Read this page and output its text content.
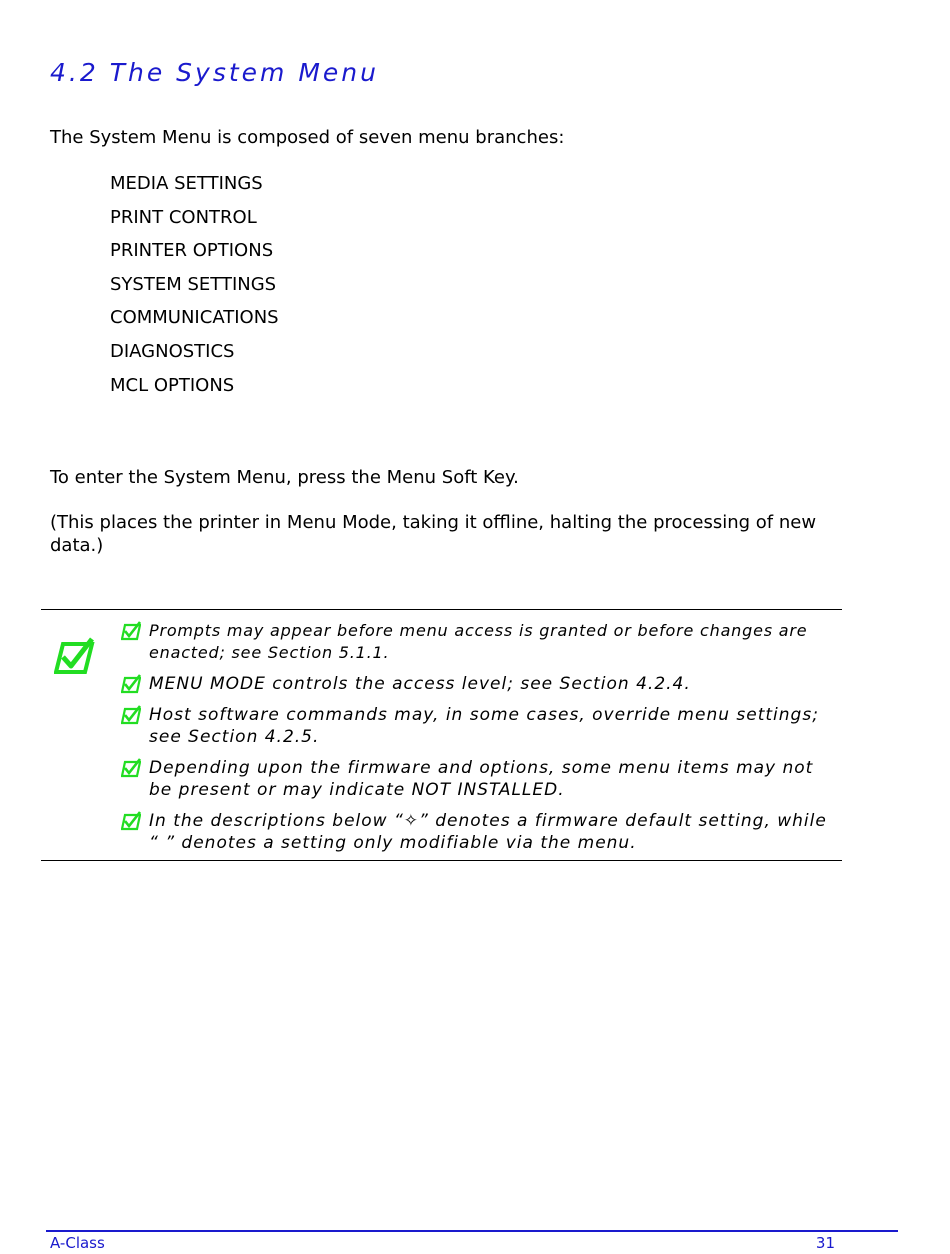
4.2 The System Menu

The System Menu is composed of seven menu branches:

MEDIA SETTINGS
PRINT CONTROL
PRINTER OPTIONS
SYSTEM SETTINGS
COMMUNICATIONS
DIAGNOSTICS
MCL OPTIONS

To enter the System Menu, press the Menu Soft Key.

(This places the printer in Menu Mode, taking it offline, halting the processing of new data.)

Prompts may appear before menu access is granted or before changes are enacted; see Section 5.1.1.
MENU MODE controls the access level; see Section 4.2.4.
Host software commands may, in some cases, override menu settings; see Section 4.2.5.
Depending upon the firmware and options, some menu items may not be present or may indicate NOT INSTALLED.
In the descriptions below “✧” denotes a firmware default setting, while “ ” denotes a setting only modifiable via the menu.
A-Class	31
